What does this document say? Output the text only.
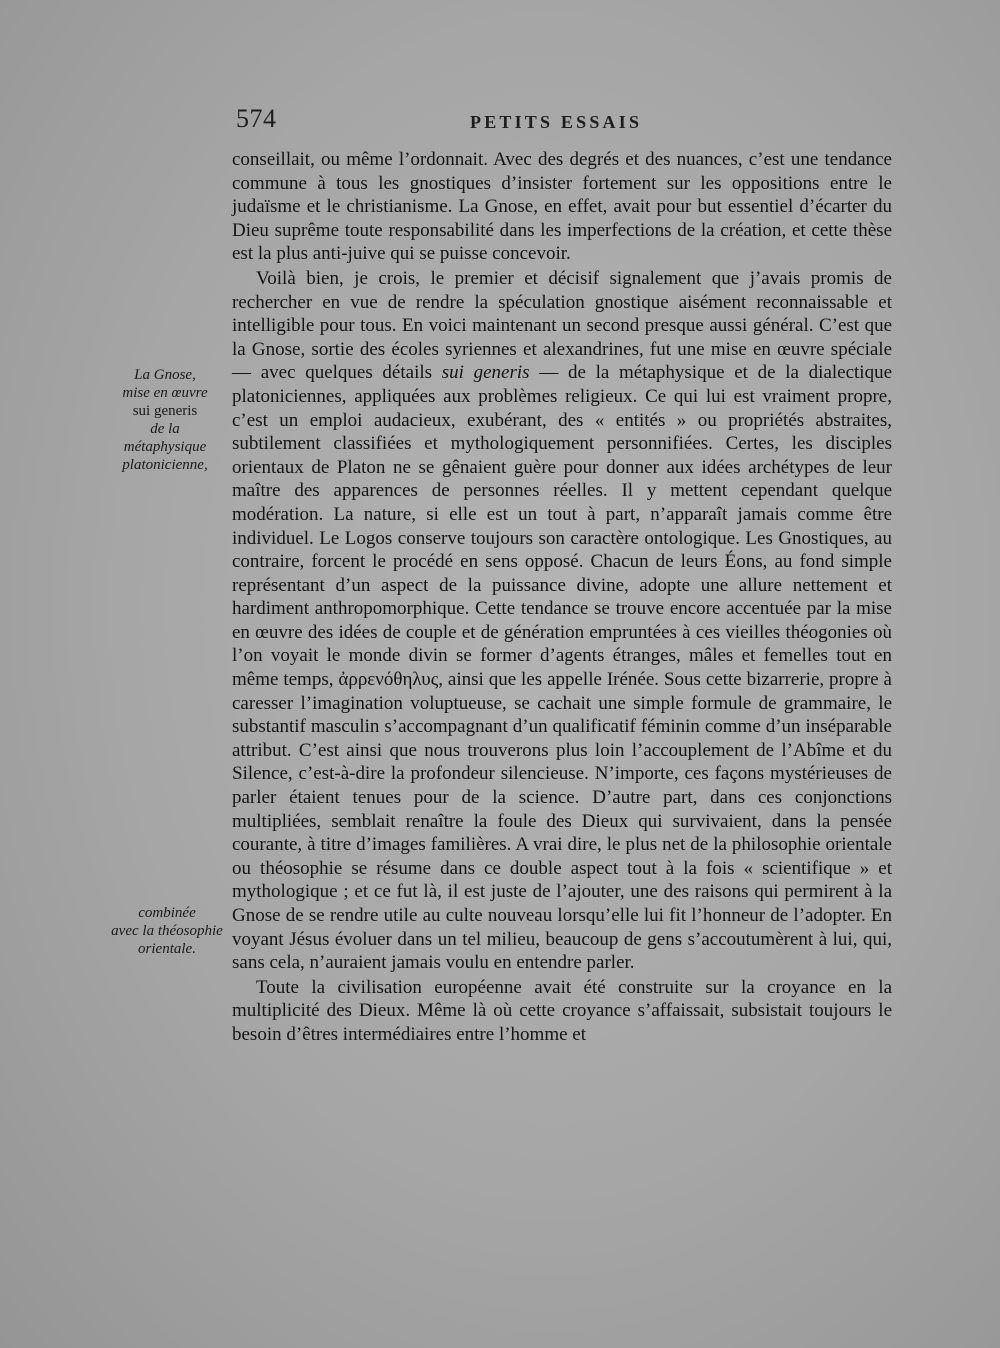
574	PETITS ESSAIS
La Gnose,
mise en œuvre
sui generis
de la
métaphysique
platonicienne,
combinée
avec la théosophie
orientale.

conseillait, ou même l’ordonnait. Avec des degrés et des nuances, c’est une tendance commune à tous les gnostiques d’insister fortement sur les oppositions entre le judaïsme et le christianisme. La Gnose, en effet, avait pour but essentiel d’écarter du Dieu suprême toute responsabilité dans les imperfections de la création, et cette thèse est la plus anti-juive qui se puisse concevoir.

Voilà bien, je crois, le premier et décisif signalement que j’avais promis de rechercher en vue de rendre la spéculation gnostique aisément reconnaissable et intelligible pour tous. En voici maintenant un second presque aussi général. C’est que la Gnose, sortie des écoles syriennes et alexandrines, fut une mise en œuvre spéciale — avec quelques détails sui generis — de la métaphysique et de la dialectique platoniciennes, appliquées aux problèmes religieux. Ce qui lui est vraiment propre, c’est un emploi audacieux, exubérant, des « entités » ou propriétés abstraites, subtilement classifiées et mythologiquement personnifiées. Certes, les disciples orientaux de Platon ne se gênaient guère pour donner aux idées archétypes de leur maître des apparences de personnes réelles. Il y mettent cependant quelque modération. La nature, si elle est un tout à part, n’apparaît jamais comme être individuel. Le Logos conserve toujours son caractère ontologique. Les Gnostiques, au contraire, forcent le procédé en sens opposé. Chacun de leurs Éons, au fond simple représentant d’un aspect de la puissance divine, adopte une allure nettement et hardiment anthropomorphique. Cette tendance se trouve encore accentuée par la mise en œuvre des idées de couple et de génération empruntées à ces vieilles théogonies où l’on voyait le monde divin se former d’agents étranges, mâles et femelles tout en même temps, ἀρρενόθηλυς, ainsi que les appelle Irénée. Sous cette bizarrerie, propre à caresser l’imagination voluptueuse, se cachait une simple formule de grammaire, le substantif masculin s’accompagnant d’un qualificatif féminin comme d’un inséparable attribut. C’est ainsi que nous trouverons plus loin l’accouplement de l’Abîme et du Silence, c’est-à-dire la profondeur silencieuse. N’importe, ces façons mystérieuses de parler étaient tenues pour de la science. D’autre part, dans ces conjonctions multipliées, semblait renaître la foule des Dieux qui survivaient, dans la pensée courante, à titre d’images familières. A vrai dire, le plus net de la philosophie orientale ou théosophie se résume dans ce double aspect tout à la fois « scientifique » et mythologique ; et ce fut là, il est juste de l’ajouter, une des raisons qui permirent à la Gnose de se rendre utile au culte nouveau lorsqu’elle lui fit l’honneur de l’adopter. En voyant Jésus évoluer dans un tel milieu, beaucoup de gens s’accoutumèrent à lui, qui, sans cela, n’auraient jamais voulu en entendre parler.

Toute la civilisation européenne avait été construite sur la croyance en la multiplicité des Dieux. Même là où cette croyance s’affaissait, subsistait toujours le besoin d’êtres intermédiaires entre l’homme et
